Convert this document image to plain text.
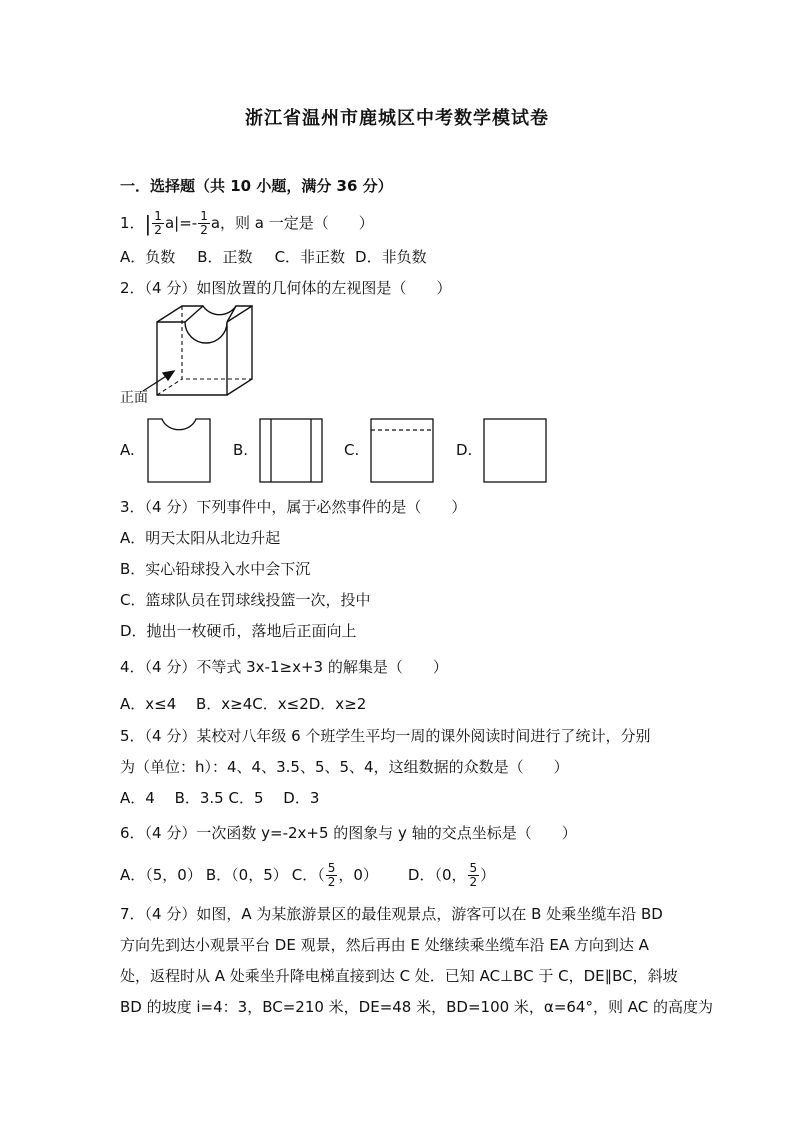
浙江省温州市鹿城区中考数学模试卷
一．选择题（共 10 小题，满分 36 分）
1．| $\frac{1}{2} a|=- \frac{1}{2}$ a，则 a 一定是（　　）
A．负数 B．正数 C．非正数 D．非负数
2．（4 分）如图放置的几何体的左视图是（　　）
正面
A.	B.	C.	D.
3．（4 分）下列事件中，属于必然事件的是（　　）
A．明天太阳从北边升起
B．实心铅球投入水中会下沉
C．篮球队员在罚球线投篮一次，投中
D．抛出一枚硬币，落地后正面向上
4．（4 分）不等式 3x-1≥x+3 的解集是（　　）
A．x≤4　 B．x≥4C．x≤2D．x≥2
5．（4 分）某校对八年级 6 个班学生平均一周的课外阅读时间进行了统计，分别
为（单位：h）：4、4、3.5、5、5、4，这组数据的众数是（　　）
A．4　 B．3.5 C．5　 D．3
6．（4 分）一次函数 y=-2x+5 的图象与 y 轴的交点坐标是（　　）
A．（5，0） B．（0，5） C．（ $\frac{5}{2}$ ，0） D．（0， $\frac{5}{2}$ ）
7．（4 分）如图，A 为某旅游景区的最佳观景点，游客可以在 B 处乘坐缆车沿 BD
方向先到达小观景平台 DE 观景，然后再由 E 处继续乘坐缆车沿 EA 方向到达 A
处，返程时从 A 处乘坐升降电梯直接到达 C 处．已知 AC⊥BC 于 C，DE∥BC，斜坡
BD 的坡度 i=4：3，BC=210 米，DE=48 米，BD=100 米，α=64°，则 AC 的高度为
